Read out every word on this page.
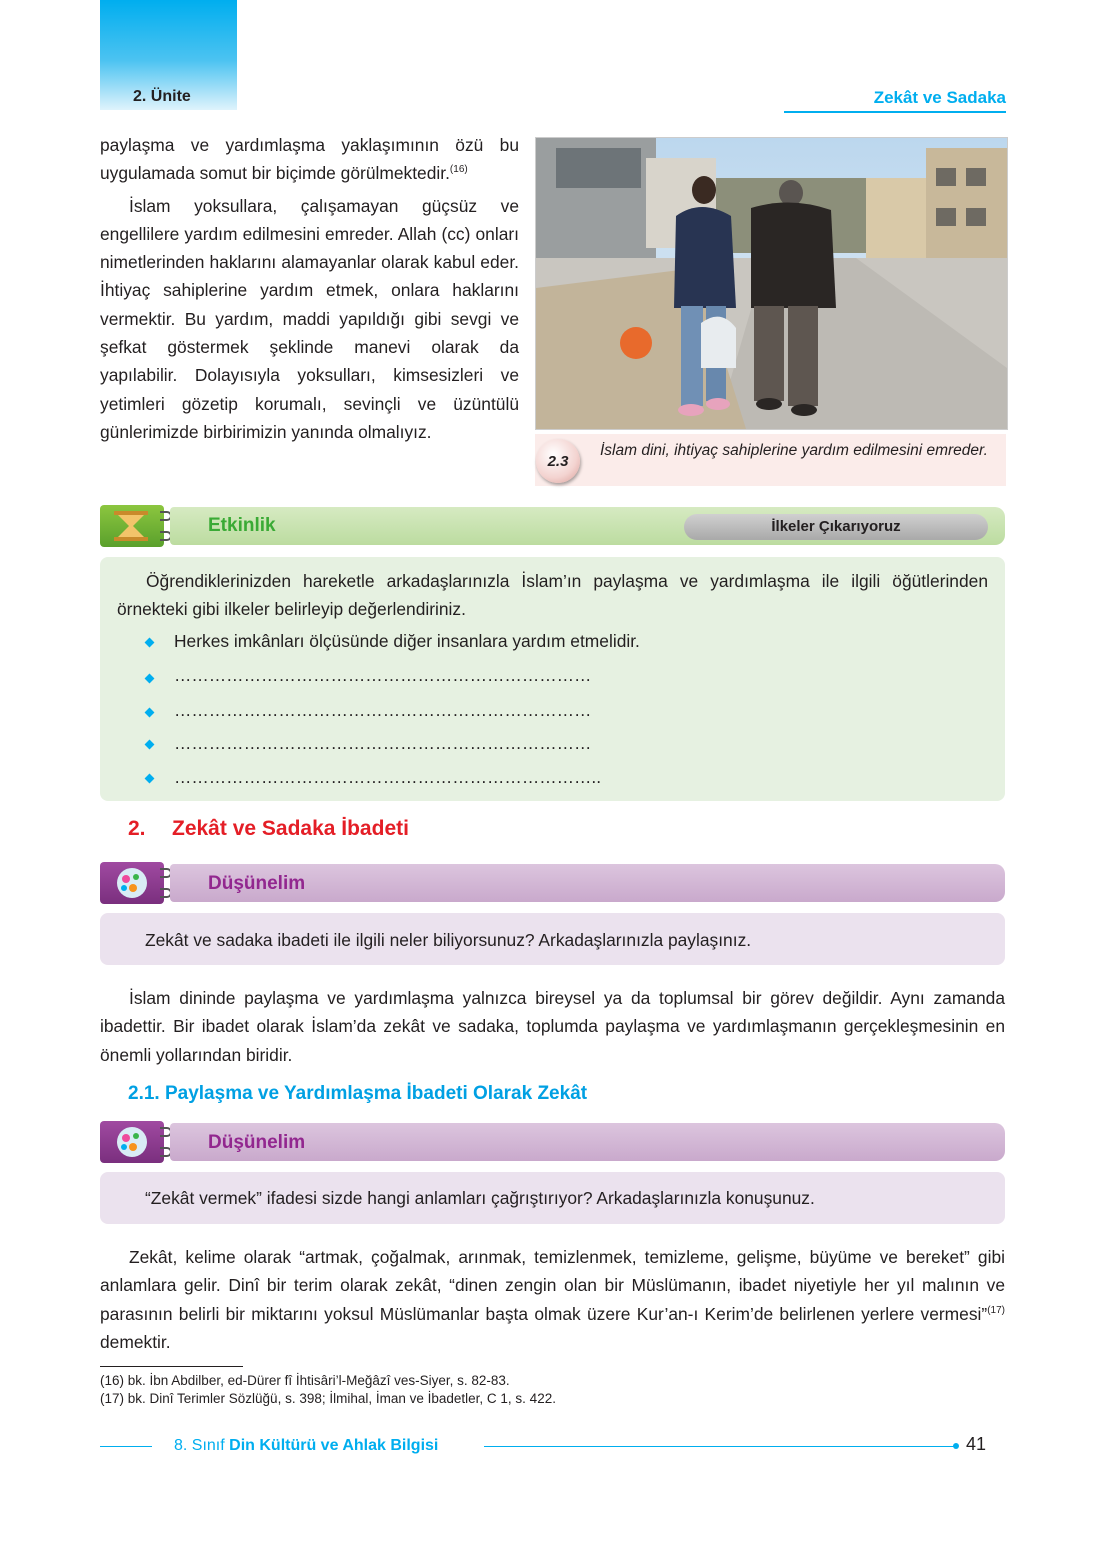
2. Ünite	Zekât ve Sadaka

paylaşma ve yardımlaşma yaklaşımının özü bu uygulamada somut bir biçimde görülmektedir.$^{(16)}$

İslam yoksullara, çalışamayan güçsüz ve engellilere yardım edilmesini emreder. Allah (cc) onları nimetlerinden haklarını alamayanlar olarak kabul eder. İhtiyaç sahiplerine yardım etmek, onlara haklarını vermektir. Bu yardım, maddi yapıldığı gibi sevgi ve şefkat göstermek şeklinde manevi olarak da yapılabilir. Dolayısıyla yoksulları, kimsesizleri ve yetimleri gözetip korumalı, sevinçli ve üzüntülü günlerimizde birbirimizin yanında olmalıyız.

2.3
İslam dini, ihtiyaç sahiplerine yardım edilmesini emreder.
Etkinlik	İlkeler Çıkarıyoruz

Öğrendiklerinizden hareketle arkadaşlarınızla İslam’ın paylaşma ve yardımlaşma ile ilgili öğütlerinden örnekteki gibi ilkeler belirleyip değerlendiriniz.

Herkes imkânları ölçüsünde diğer insanlara yardım etmelidir.
………………………………………………………………
………………………………………………………………
………………………………………………………………
………………………………………………………………..
2. Zekât ve Sadaka İbadeti
Düşünelim
Zekât ve sadaka ibadeti ile ilgili neler biliyorsunuz? Arkadaşlarınızla paylaşınız.

İslam dininde paylaşma ve yardımlaşma yalnızca bireysel ya da toplumsal bir görev değildir. Aynı zamanda ibadettir. Bir ibadet olarak İslam’da zekât ve sadaka, toplumda paylaşma ve yardımlaşmanın gerçekleşmesinin en önemli yollarından biridir.

2.1. Paylaşma ve Yardımlaşma İbadeti Olarak Zekât
Düşünelim
“Zekât vermek” ifadesi sizde hangi anlamları çağrıştırıyor? Arkadaşlarınızla konuşunuz.

Zekât, kelime olarak “artmak, çoğalmak, arınmak, temizlenmek, temizleme, gelişme, büyüme ve bereket” gibi anlamlara gelir. Dinî bir terim olarak zekât, “dinen zengin olan bir Müslümanın, ibadet niyetiyle her yıl malının ve parasının belirli bir miktarını yoksul Müslümanlar başta olmak üzere Kur’an-ı Kerim’de belirlenen yerlere vermesi”$^{(17)}$ demektir.

(16) bk. İbn Abdilber, ed-Dürer fî İhtisâri’l-Meğâzî ves-Siyer, s. 82-83.
(17) bk. Dinî Terimler Sözlüğü, s. 398; İlmihal, İman ve İbadetler, C 1, s. 422.
8. Sınıf Din Kültürü ve Ahlak Bilgisi	41
